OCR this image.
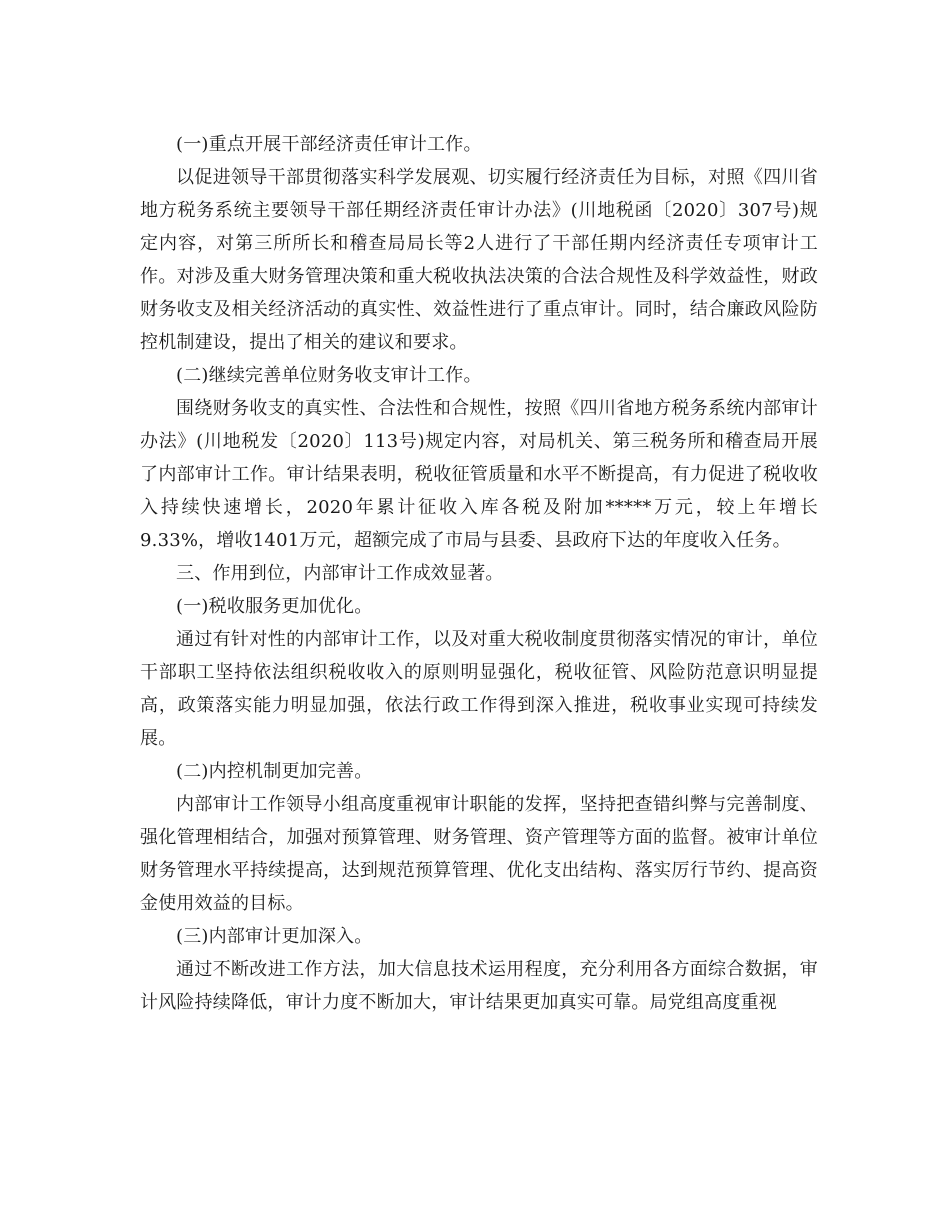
(一)重点开展干部经济责任审计工作。

以促进领导干部贯彻落实科学发展观、切实履行经济责任为目标，对照《四川省地方税务系统主要领导干部任期经济责任审计办法》(川地税函〔2020〕307号)规定内容，对第三所所长和稽查局局长等2人进行了干部任期内经济责任专项审计工作。对涉及重大财务管理决策和重大税收执法决策的合法合规性及科学效益性，财政财务收支及相关经济活动的真实性、效益性进行了重点审计。同时，结合廉政风险防控机制建设，提出了相关的建议和要求。

(二)继续完善单位财务收支审计工作。

围绕财务收支的真实性、合法性和合规性，按照《四川省地方税务系统内部审计办法》(川地税发〔2020〕113号)规定内容，对局机关、第三税务所和稽查局开展了内部审计工作。审计结果表明，税收征管质量和水平不断提高，有力促进了税收收入持续快速增长，2020年累计征收入库各税及附加*****万元，较上年增长9.33%，增收1401万元，超额完成了市局与县委、县政府下达的年度收入任务。

三、作用到位，内部审计工作成效显著。

(一)税收服务更加优化。

通过有针对性的内部审计工作，以及对重大税收制度贯彻落实情况的审计，单位干部职工坚持依法组织税收收入的原则明显强化，税收征管、风险防范意识明显提高，政策落实能力明显加强，依法行政工作得到深入推进，税收事业实现可持续发展。

(二)内控机制更加完善。

内部审计工作领导小组高度重视审计职能的发挥，坚持把查错纠弊与完善制度、强化管理相结合，加强对预算管理、财务管理、资产管理等方面的监督。被审计单位财务管理水平持续提高，达到规范预算管理、优化支出结构、落实厉行节约、提高资金使用效益的目标。

(三)内部审计更加深入。

通过不断改进工作方法，加大信息技术运用程度，充分利用各方面综合数据，审计风险持续降低，审计力度不断加大，审计结果更加真实可靠。局党组高度重视
